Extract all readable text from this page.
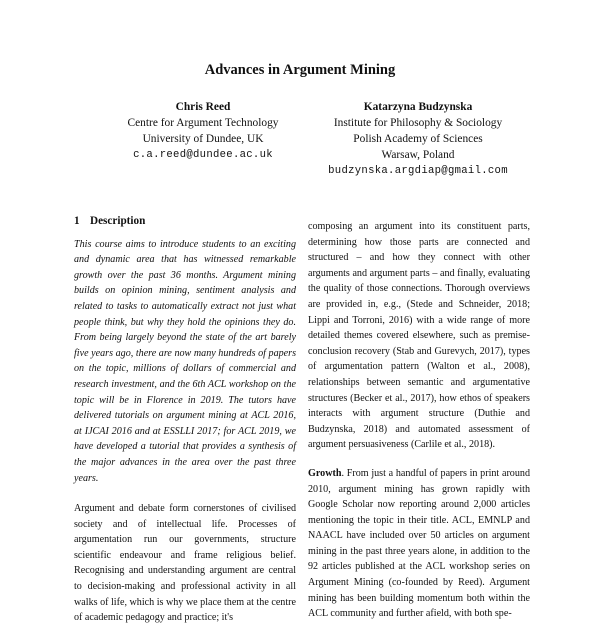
Advances in Argument Mining
Chris Reed
Centre for Argument Technology
University of Dundee, UK
c.a.reed@dundee.ac.uk
Katarzyna Budzynska
Institute for Philosophy & Sociology
Polish Academy of Sciences
Warsaw, Poland
budzynska.argdiap@gmail.com
1 Description

This course aims to introduce students to an exciting and dynamic area that has witnessed remarkable growth over the past 36 months. Argument mining builds on opinion mining, sentiment analysis and related to tasks to automatically extract not just what people think, but why they hold the opinions they do. From being largely beyond the state of the art barely five years ago, there are now many hundreds of papers on the topic, millions of dollars of commercial and research investment, and the 6th ACL workshop on the topic will be in Florence in 2019. The tutors have delivered tutorials on argument mining at ACL 2016, at IJCAI 2016 and at ESSLLI 2017; for ACL 2019, we have developed a tutorial that provides a synthesis of the major advances in the area over the past three years.

Argument and debate form cornerstones of civilised society and of intellectual life. Processes of argumentation run our governments, structure scientific endeavour and frame religious belief. Recognising and understanding argument are central to decision-making and professional activity in all walks of life, which is why we place them at the centre of academic pedagogy and practice; it's

composing an argument into its constituent parts, determining how those parts are connected and structured – and how they connect with other arguments and argument parts – and finally, evaluating the quality of those connections. Thorough overviews are provided in, e.g., (Stede and Schneider, 2018; Lippi and Torroni, 2016) with a wide range of more detailed themes covered elsewhere, such as premise-conclusion recovery (Stab and Gurevych, 2017), types of argumentation pattern (Walton et al., 2008), relationships between semantic and argumentative structures (Becker et al., 2017), how ethos of speakers interacts with argument structure (Duthie and Budzynska, 2018) and automated assessment of argument persuasiveness (Carlile et al., 2018).

Growth. From just a handful of papers in print around 2010, argument mining has grown rapidly with Google Scholar now reporting around 2,000 articles mentioning the topic in their title. ACL, EMNLP and NAACL have included over 50 articles on argument mining in the past three years alone, in addition to the 92 articles published at the ACL workshop series on Argument Mining (co-founded by Reed). Argument mining has been building momentum both within the ACL community and further afield, with both spe-
